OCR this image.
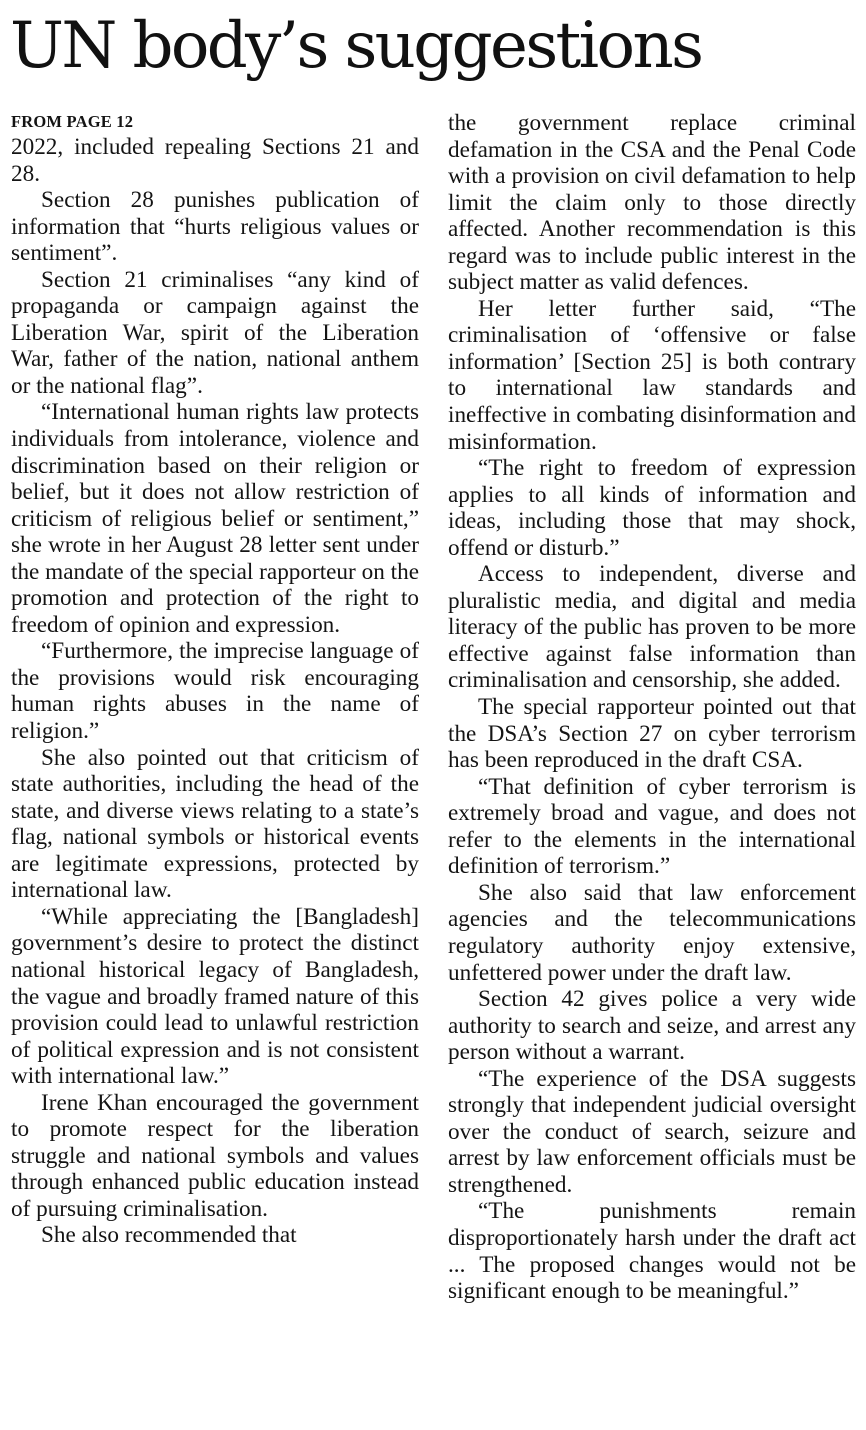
UN body’s suggestions
FROM PAGE 12

2022, included repealing Sections 21 and 28.

Section 28 punishes publication of information that “hurts religious values or sentiment”.

Section 21 criminalises “any kind of propaganda or campaign against the Liberation War, spirit of the Liberation War, father of the nation, national anthem or the national flag”.

“International human rights law protects individuals from intolerance, violence and discrimination based on their religion or belief, but it does not allow restriction of criticism of religious belief or sentiment,” she wrote in her August 28 letter sent under the mandate of the special rapporteur on the promotion and protection of the right to freedom of opinion and expression.

“Furthermore, the imprecise language of the provisions would risk encouraging human rights abuses in the name of religion.”

She also pointed out that criticism of state authorities, including the head of the state, and diverse views relating to a state’s flag, national symbols or historical events are legitimate expressions, protected by international law.

“While appreciating the [Bangladesh] government’s desire to protect the distinct national historical legacy of Bangladesh, the vague and broadly framed nature of this provision could lead to unlawful restriction of political expression and is not consistent with international law.”

Irene Khan encouraged the government to promote respect for the liberation struggle and national symbols and values through enhanced public education instead of pursuing criminalisation.

She also recommended that

the government replace criminal defamation in the CSA and the Penal Code with a provision on civil defamation to help limit the claim only to those directly affected. Another recommendation is this regard was to include public interest in the subject matter as valid defences.

Her letter further said, “The criminalisation of ‘offensive or false information’ [Section 25] is both contrary to international law standards and ineffective in combating disinformation and misinformation.

“The right to freedom of expression applies to all kinds of information and ideas, including those that may shock, offend or disturb.”

Access to independent, diverse and pluralistic media, and digital and media literacy of the public has proven to be more effective against false information than criminalisation and censorship, she added.

The special rapporteur pointed out that the DSA’s Section 27 on cyber terrorism has been reproduced in the draft CSA.

“That definition of cyber terrorism is extremely broad and vague, and does not refer to the elements in the international definition of terrorism.”

She also said that law enforcement agencies and the telecommunications regulatory authority enjoy extensive, unfettered power under the draft law.

Section 42 gives police a very wide authority to search and seize, and arrest any person without a warrant.

“The experience of the DSA suggests strongly that independent judicial oversight over the conduct of search, seizure and arrest by law enforcement officials must be strengthened.

“The punishments remain disproportionately harsh under the draft act ... The proposed changes would not be significant enough to be meaningful.”
